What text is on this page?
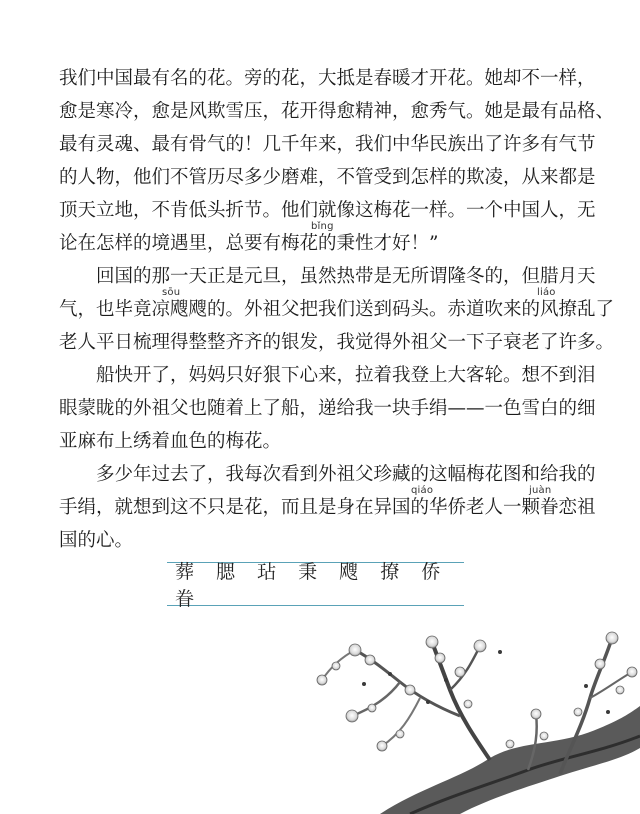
我们中国最有名的花。旁的花，大抵是春暖才开花。她却不一样，
愈是寒冷，愈是风欺雪压，花开得愈精神，愈秀气。她是最有品格、
最有灵魂、最有骨气的！几千年来，我们中华民族出了许多有气节
的人物，他们不管历尽多少磨难，不管受到怎样的欺凌，从来都是
顶天立地，不肯低头折节。他们就像这梅花一样。一个中国人，无
论在怎样的境遇里，总要有梅花的秉性才好！”
回国的那一天正是元旦，虽然热带是无所谓隆冬的，但腊月天
气，也毕竟凉飕飕的。外祖父把我们送到码头。赤道吹来的风撩乱了
老人平日梳理得整整齐齐的银发，我觉得外祖父一下子衰老了许多。
船快开了，妈妈只好狠下心来，拉着我登上大客轮。想不到泪
眼蒙眬的外祖父也随着上了船，递给我一块手绢——一色雪白的细
亚麻布上绣着血色的梅花。
多少年过去了，我每次看到外祖父珍藏的这幅梅花图和给我的
手绢，就想到这不只是花，而且是身在异国的华侨老人一颗眷恋祖
国的心。
bǐng
sōu	liáo
qiáo	juàn
葬 腮 玷 秉 飕 撩 侨 眷
